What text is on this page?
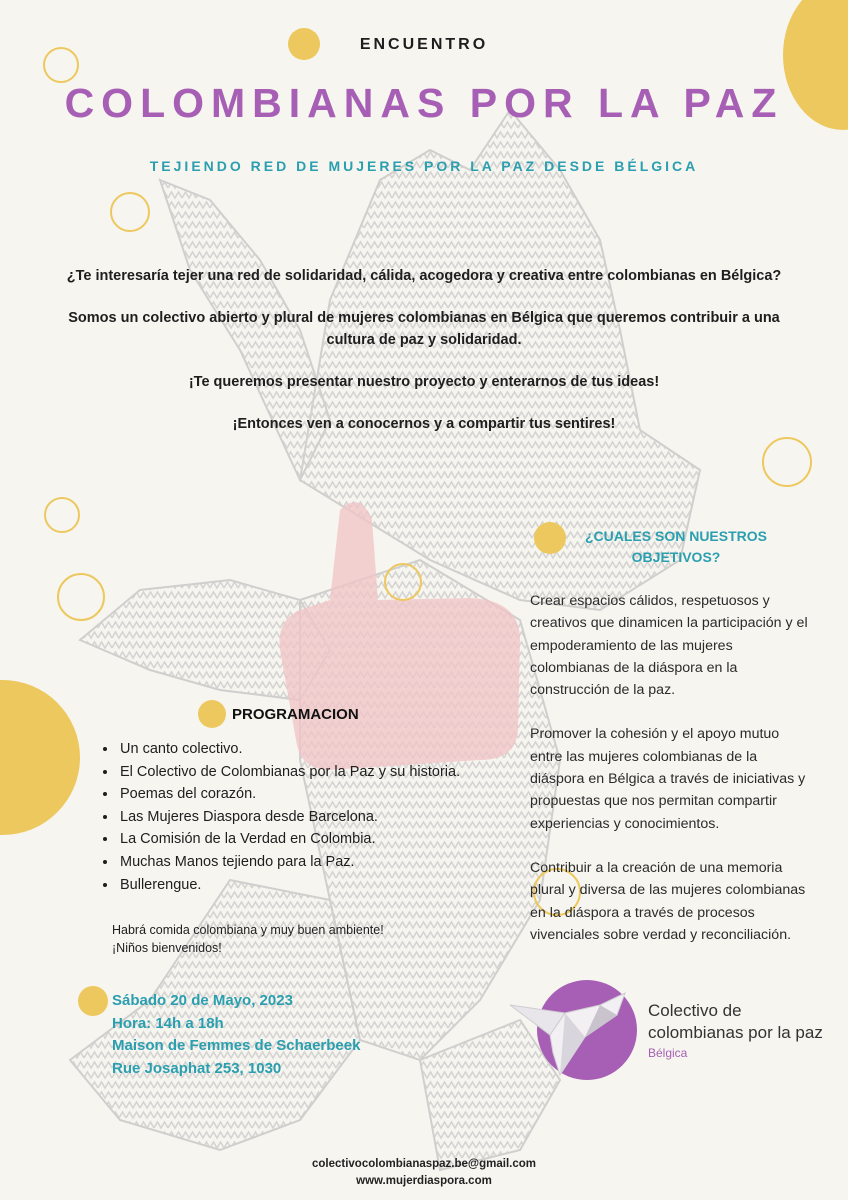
ENCUENTRO
COLOMBIANAS POR LA PAZ
TEJIENDO RED DE MUJERES POR LA PAZ DESDE BÉLGICA

¿Te interesaría tejer una red de solidaridad, cálida, acogedora y creativa entre colombianas en Bélgica?

Somos un colectivo abierto y plural de mujeres colombianas en Bélgica que queremos contribuir a una cultura de paz y solidaridad.

¡Te queremos presentar nuestro proyecto y enterarnos de tus ideas!

¡Entonces ven a conocernos y a compartir tus sentires!

¿CUALES SON NUESTROS OBJETIVOS?

Crear espacios cálidos, respetuosos y creativos que dinamicen la participación y el empoderamiento de las mujeres colombianas de la diáspora en la construcción de la paz.

Promover la cohesión y el apoyo mutuo entre las mujeres colombianas de la diáspora en Bélgica a través de iniciativas y propuestas que nos permitan compartir experiencias y conocimientos.

Contribuir a la creación de una memoria plural y diversa de las mujeres colombianas en la diáspora a través de procesos vivenciales sobre verdad y reconciliación.

PROGRAMACION
• Un canto colectivo.
• El Colectivo de Colombianas por la Paz y su historia.
• Poemas del corazón.
• Las Mujeres Diaspora desde Barcelona.
• La Comisión de la Verdad en Colombia.
• Muchas Manos tejiendo para la Paz.
• Bullerengue.
Habrá comida colombiana y muy buen ambiente!
¡Niños bienvenidos!
Sábado 20 de Mayo, 2023
Hora: 14h a 18h
Maison de Femmes de Schaerbeek
Rue Josaphat 253, 1030
Colectivo de
colombianas por la paz
Bélgica
colectivocolombianaspaz.be@gmail.com
www.mujerdiaspora.com
